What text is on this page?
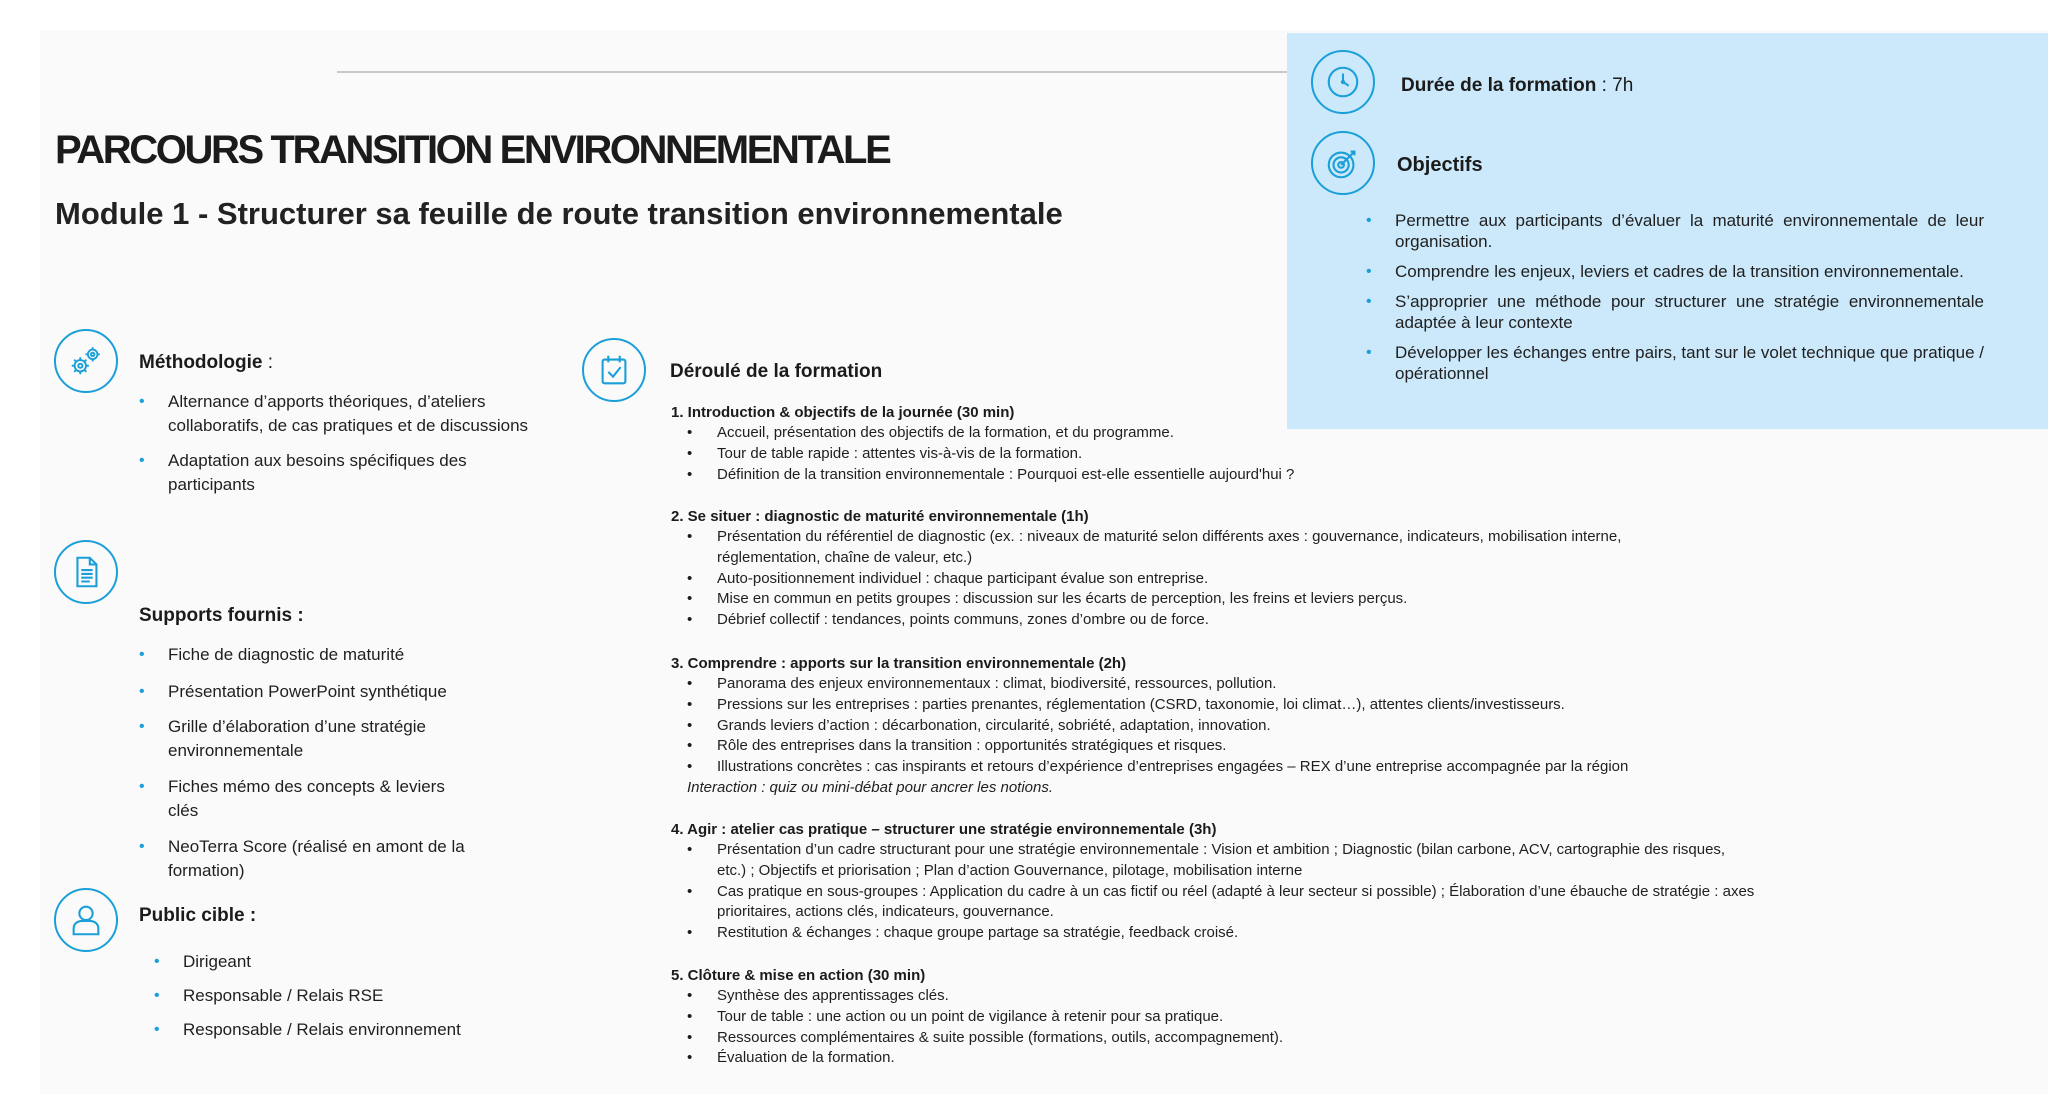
PARCOURS TRANSITION ENVIRONNEMENTALE
Module 1 - Structurer sa feuille de route transition environnementale
Durée de la formation : 7h
Objectifs
• Permettre aux participants d’évaluer la maturité environnementale de leur organisation.
• Comprendre les enjeux, leviers et cadres de la transition environnementale.
• S’approprier une méthode pour structurer une stratégie environnementale adaptée à leur contexte
• Développer les échanges entre pairs, tant sur le volet technique que pratique / opérationnel
Méthodologie :
• Alternance d’apports théoriques, d’ateliers collaboratifs, de cas pratiques et de discussions
• Adaptation aux besoins spécifiques des participants
Supports fournis :
• Fiche de diagnostic de maturité
• Présentation PowerPoint synthétique
• Grille d’élaboration d’une stratégie environnementale
• Fiches mémo des concepts & leviers clés
• NeoTerra Score (réalisé en amont de la formation)
Public cible :
• Dirigeant
• Responsable / Relais RSE
• Responsable / Relais environnement
Déroulé de la formation
1. Introduction & objectifs de la journée (30 min)
• Accueil, présentation des objectifs de la formation, et du programme.
• Tour de table rapide : attentes vis-à-vis de la formation.
• Définition de la transition environnementale : Pourquoi est-elle essentielle aujourd'hui ?
2. Se situer : diagnostic de maturité environnementale (1h)
• Présentation du référentiel de diagnostic (ex. : niveaux de maturité selon différents axes : gouvernance, indicateurs, mobilisation interne, réglementation, chaîne de valeur, etc.)
• Auto-positionnement individuel : chaque participant évalue son entreprise.
• Mise en commun en petits groupes : discussion sur les écarts de perception, les freins et leviers perçus.
• Débrief collectif : tendances, points communs, zones d’ombre ou de force.
3. Comprendre : apports sur la transition environnementale (2h)
• Panorama des enjeux environnementaux : climat, biodiversité, ressources, pollution.
• Pressions sur les entreprises : parties prenantes, réglementation (CSRD, taxonomie, loi climat…), attentes clients/investisseurs.
• Grands leviers d’action : décarbonation, circularité, sobriété, adaptation, innovation.
• Rôle des entreprises dans la transition : opportunités stratégiques et risques.
• Illustrations concrètes : cas inspirants et retours d’expérience d’entreprises engagées – REX d’une entreprise accompagnée par la région
Interaction : quiz ou mini-débat pour ancrer les notions.
4. Agir : atelier cas pratique – structurer une stratégie environnementale (3h)
• Présentation d’un cadre structurant pour une stratégie environnementale : Vision et ambition ; Diagnostic (bilan carbone, ACV, cartographie des risques, etc.) ; Objectifs et priorisation ; Plan d’action Gouvernance, pilotage, mobilisation interne
• Cas pratique en sous-groupes : Application du cadre à un cas fictif ou réel (adapté à leur secteur si possible) ; Élaboration d’une ébauche de stratégie : axes prioritaires, actions clés, indicateurs, gouvernance.
• Restitution & échanges : chaque groupe partage sa stratégie, feedback croisé.
5. Clôture & mise en action (30 min)
• Synthèse des apprentissages clés.
• Tour de table : une action ou un point de vigilance à retenir pour sa pratique.
• Ressources complémentaires & suite possible (formations, outils, accompagnement).
• Évaluation de la formation.
